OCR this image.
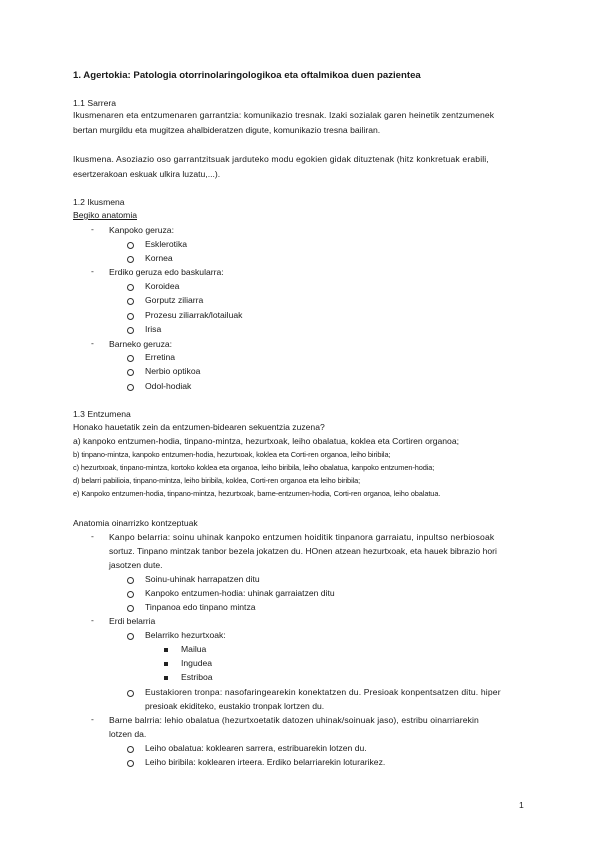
1. Agertokia: Patologia otorrinolaringologikoa eta oftalmikoa duen pazientea
1.1 Sarrera
Ikusmenaren eta entzumenaren garrantzia: komunikazio tresnak. Izaki sozialak garen heinetik zentzumenek
bertan murgildu eta mugitzea ahalbideratzen digute, komunikazio tresna bailiran.
Ikusmena. Asoziazio oso garrantzitsuak jarduteko modu egokien gidak dituztenak (hitz konkretuak erabili,
esertzerakoan eskuak ulkira luzatu,...).
1.2 Ikusmena
Begiko anatomia
- Kanpoko geruza:
Esklerotika
Kornea
- Erdiko geruza edo baskularra:
Koroidea
Gorputz ziliarra
Prozesu ziliarrak/lotailuak
Irisa
- Barneko geruza:
Erretina
Nerbio optikoa
Odol-hodiak
1.3 Entzumena
Honako hauetatik zein da entzumen-bidearen sekuentzia zuzena?
a) kanpoko entzumen-hodia, tinpano-mintza, hezurtxoak, leiho obalatua, koklea eta Cortiren organoa;
b) tinpano-mintza, kanpoko entzumen-hodia, hezurtxoak, koklea eta Corti-ren organoa, leiho biribila;
c) hezurtxoak, tinpano-mintza, kortoko koklea eta organoa, leiho biribila, leiho obalatua, kanpoko entzumen-hodia;
d) belarri pabilioia, tinpano-mintza, leiho biribila, koklea, Corti-ren organoa eta leiho biribila;
e) Kanpoko entzumen-hodia, tinpano-mintza, hezurtxoak, barne-entzumen-hodia, Corti-ren organoa, leiho obalatua.
Anatomia oinarrizko kontzeptuak
- Kanpo belarria: soinu uhinak kanpoko entzumen hoiditik tinpanora garraiatu, inpultso nerbiosoak
sortuz. Tinpano mintzak tanbor bezela jokatzen du. HOnen atzean hezurtxoak, eta hauek bibrazio hori
jasotzen dute.
Soinu-uhinak harrapatzen ditu
Kanpoko entzumen-hodia: uhinak garraiatzen ditu
Tinpanoa edo tinpano mintza
- Erdi belarria
Belarriko hezurtxoak:
Mailua
Ingudea
Estriboa
Eustakioren tronpa: nasofaringearekin konektatzen du. Presioak konpentsatzen ditu. hiper
presioak ekiditeko, eustakio tronpak lortzen du.
- Barne balrria: lehio obalatua (hezurtxoetatik datozen uhinak/soinuak jaso), estribu oinarriarekin
lotzen da.
Leiho obalatua: koklearen sarrera, estribuarekin lotzen du.
Leiho biribila: koklearen irteera. Erdiko belarriarekin loturarikez.
1
